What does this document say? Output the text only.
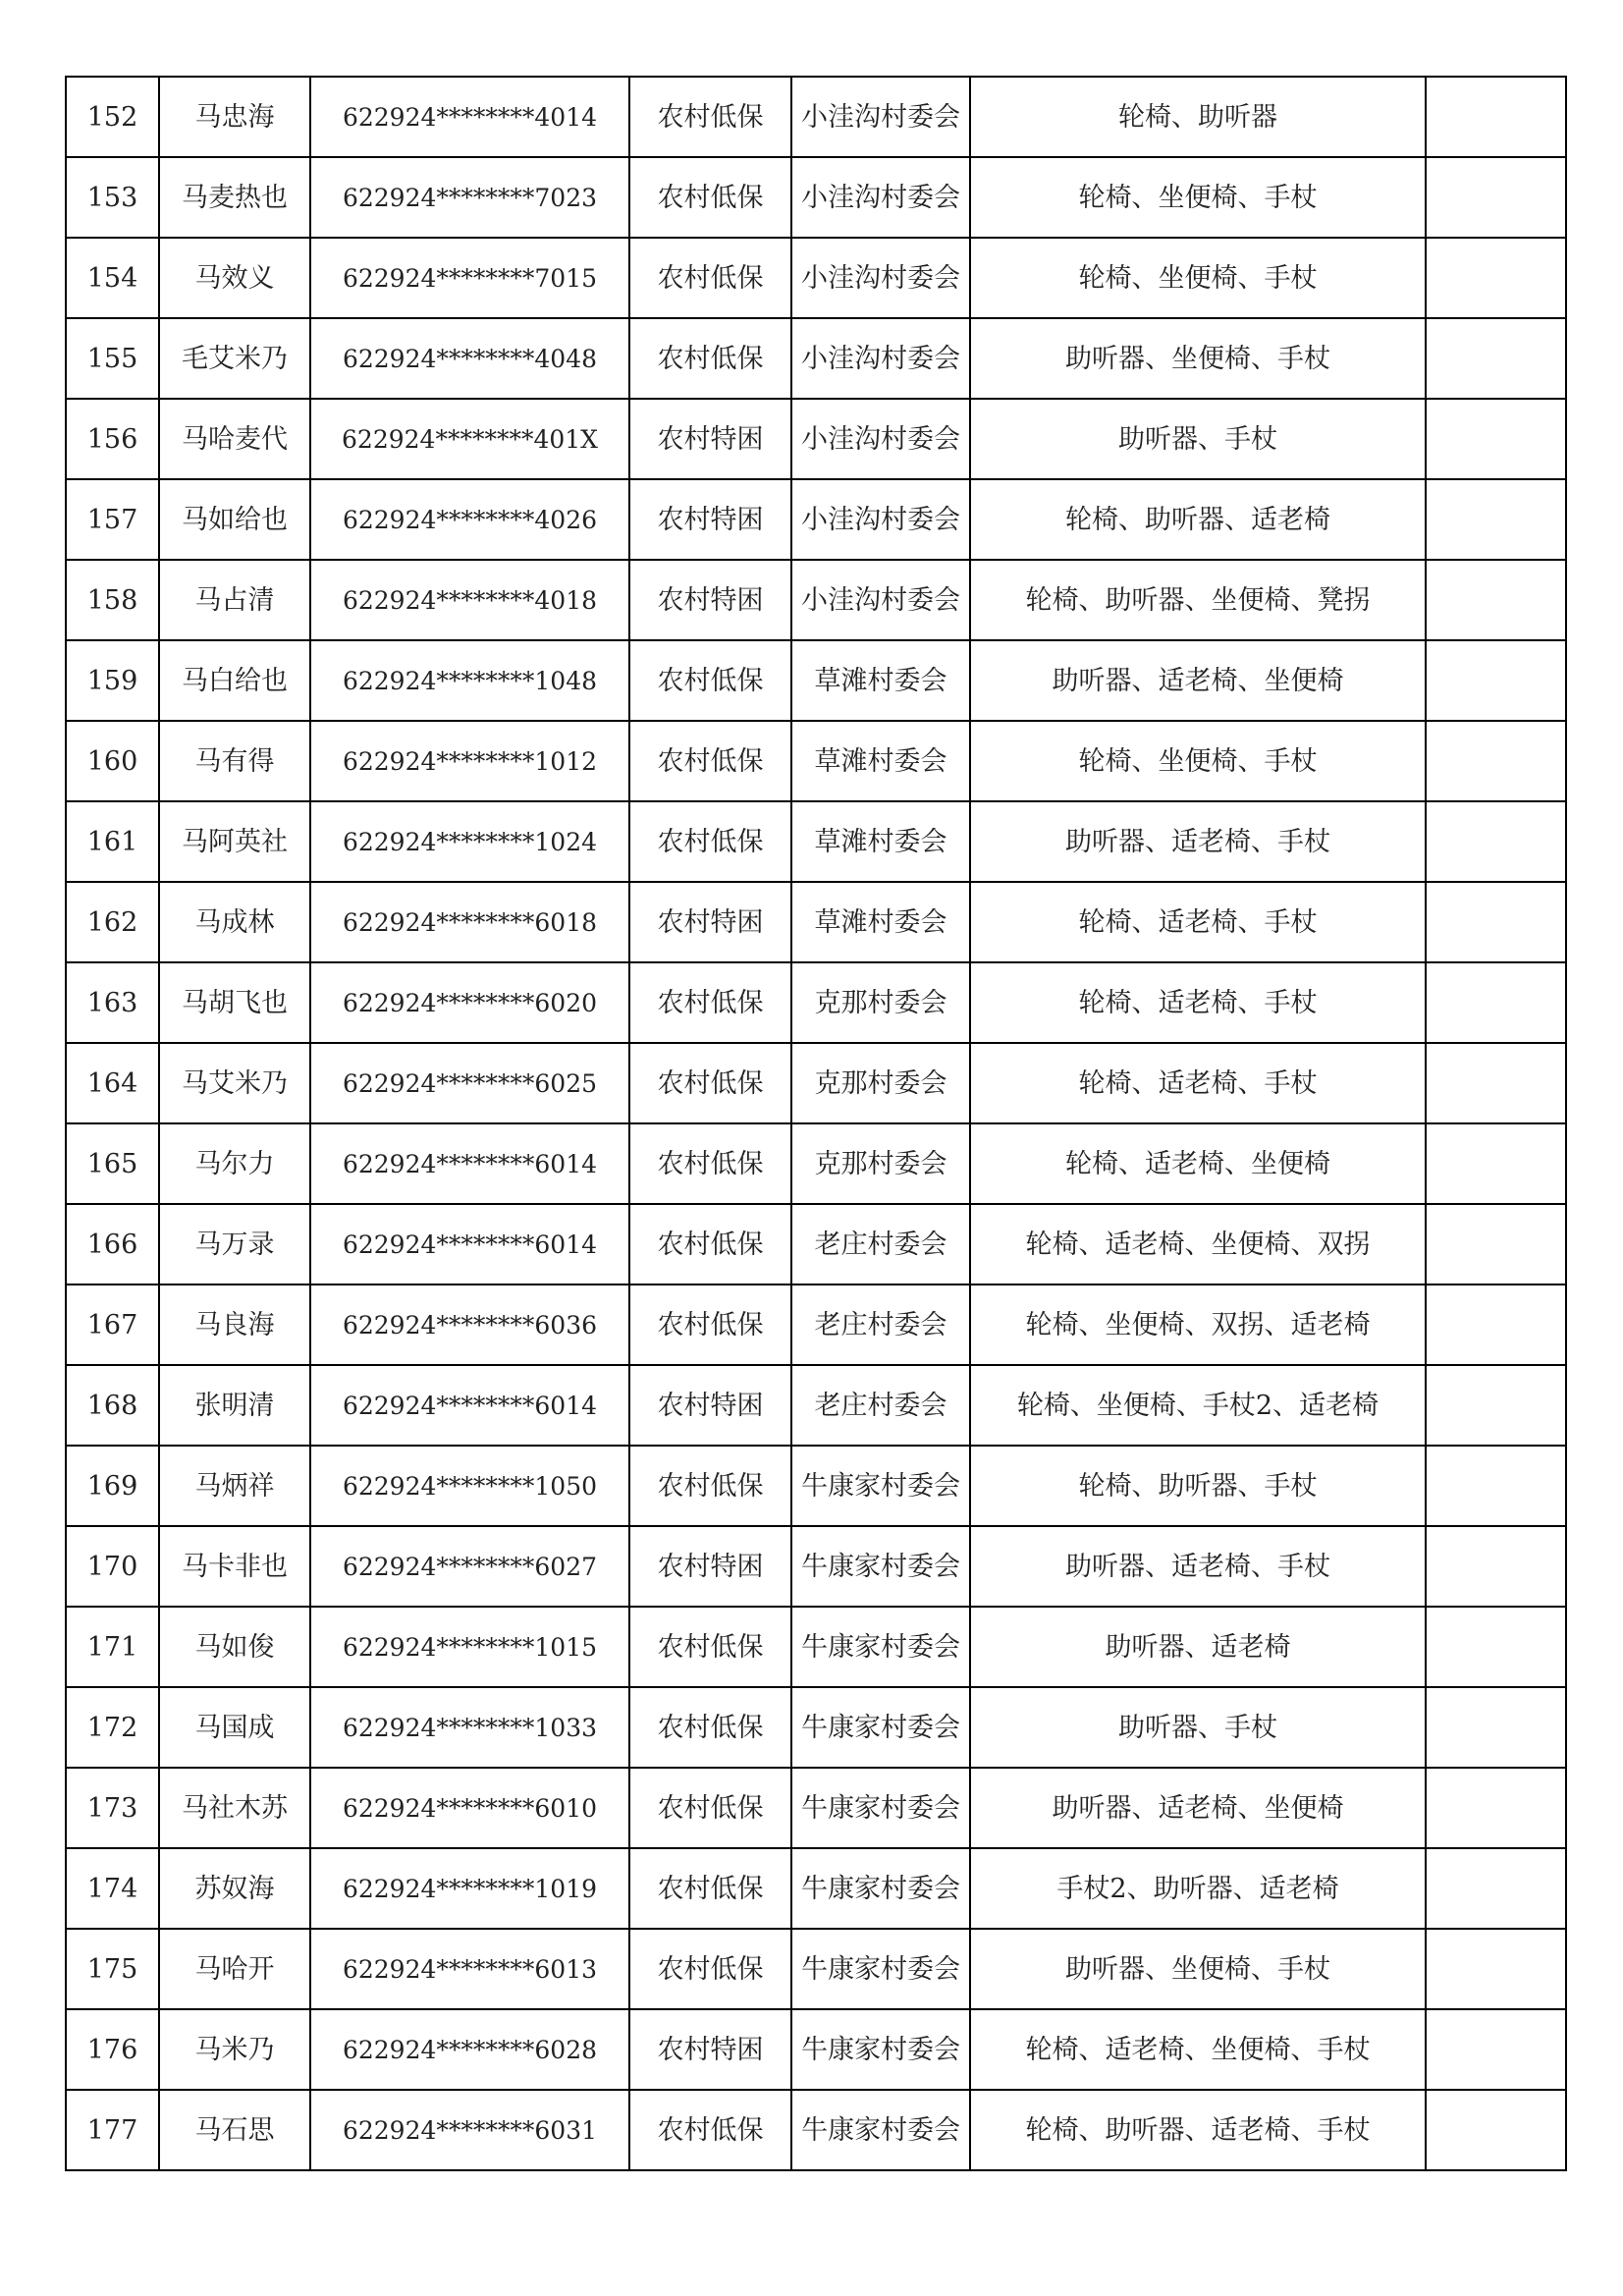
152	马忠海	622924********4014	农村低保	小洼沟村委会	轮椅、助听器	
153	马麦热也	622924********7023	农村低保	小洼沟村委会	轮椅、坐便椅、手杖	
154	马效义	622924********7015	农村低保	小洼沟村委会	轮椅、坐便椅、手杖	
155	毛艾米乃	622924********4048	农村低保	小洼沟村委会	助听器、坐便椅、手杖	
156	马哈麦代	622924********401X	农村特困	小洼沟村委会	助听器、手杖	
157	马如给也	622924********4026	农村特困	小洼沟村委会	轮椅、助听器、适老椅	
158	马占清	622924********4018	农村特困	小洼沟村委会	轮椅、助听器、坐便椅、凳拐	
159	马白给也	622924********1048	农村低保	草滩村委会	助听器、适老椅、坐便椅	
160	马有得	622924********1012	农村低保	草滩村委会	轮椅、坐便椅、手杖	
161	马阿英社	622924********1024	农村低保	草滩村委会	助听器、适老椅、手杖	
162	马成林	622924********6018	农村特困	草滩村委会	轮椅、适老椅、手杖	
163	马胡飞也	622924********6020	农村低保	克那村委会	轮椅、适老椅、手杖	
164	马艾米乃	622924********6025	农村低保	克那村委会	轮椅、适老椅、手杖	
165	马尔力	622924********6014	农村低保	克那村委会	轮椅、适老椅、坐便椅	
166	马万录	622924********6014	农村低保	老庄村委会	轮椅、适老椅、坐便椅、双拐	
167	马良海	622924********6036	农村低保	老庄村委会	轮椅、坐便椅、双拐、适老椅	
168	张明清	622924********6014	农村特困	老庄村委会	轮椅、坐便椅、手杖2、适老椅	
169	马炳祥	622924********1050	农村低保	牛康家村委会	轮椅、助听器、手杖	
170	马卡非也	622924********6027	农村特困	牛康家村委会	助听器、适老椅、手杖	
171	马如俊	622924********1015	农村低保	牛康家村委会	助听器、适老椅	
172	马国成	622924********1033	农村低保	牛康家村委会	助听器、手杖	
173	马社木苏	622924********6010	农村低保	牛康家村委会	助听器、适老椅、坐便椅	
174	苏奴海	622924********1019	农村低保	牛康家村委会	手杖2、助听器、适老椅	
175	马哈开	622924********6013	农村低保	牛康家村委会	助听器、坐便椅、手杖	
176	马米乃	622924********6028	农村特困	牛康家村委会	轮椅、适老椅、坐便椅、手杖	
177	马石思	622924********6031	农村低保	牛康家村委会	轮椅、助听器、适老椅、手杖	
